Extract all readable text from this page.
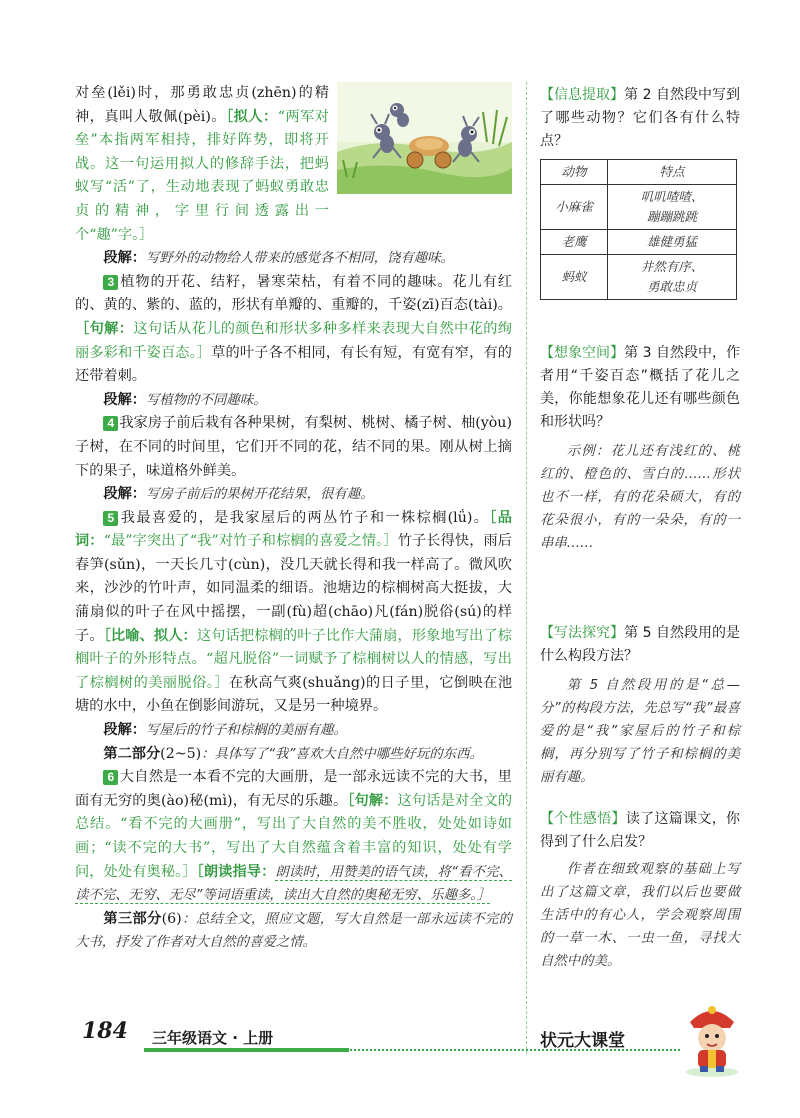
对垒(lěi)时，那勇敢忠贞(zhēn)的精神，真叫人敬佩(pèi)。［拟人：“两军对垒”本指两军相持，排好阵势，即将开战。这一句运用拟人的修辞手法，把蚂蚁写“活”了，生动地表现了蚂蚁勇敢忠贞的精神，字里行间透露出一个“趣”字。］

段解：写野外的动物给人带来的感觉各不相同，饶有趣味。

3 植物的开花、结籽，暑寒荣枯，有着不同的趣味。花儿有红的、黄的、紫的、蓝的，形状有单瓣的、重瓣的，千姿(zī)百态(tài)。［句解：这句话从花儿的颜色和形状多种多样来表现大自然中花的绚丽多彩和千姿百态。］草的叶子各不相同，有长有短，有宽有窄，有的还带着刺。

段解：写植物的不同趣味。

4 我家房子前后栽有各种果树，有梨树、桃树、橘子树、柚(yòu)子树，在不同的时间里，它们开不同的花，结不同的果。刚从树上摘下的果子，味道格外鲜美。

段解：写房子前后的果树开花结果，很有趣。

5 我最喜爱的，是我家屋后的两丛竹子和一株棕榈(lǘ)。［品词：“最”字突出了“我”对竹子和棕榈的喜爱之情。］竹子长得快，雨后春笋(sǔn)，一天长几寸(cùn)，没几天就长得和我一样高了。微风吹来，沙沙的竹叶声，如同温柔的细语。池塘边的棕榈树高大挺拔，大蒲扇似的叶子在风中摇摆，一副(fù)超(chāo)凡(fán)脱俗(sú)的样子。［比喻、拟人：这句话把棕榈的叶子比作大蒲扇，形象地写出了棕榈叶子的外形特点。“超凡脱俗”一词赋予了棕榈树以人的情感，写出了棕榈树的美丽脱俗。］在秋高气爽(shuǎng)的日子里，它倒映在池塘的水中，小鱼在倒影间游玩，又是另一种境界。

段解：写屋后的竹子和棕榈的美丽有趣。

第二部分(2~5)：具体写了“我”喜欢大自然中哪些好玩的东西。

6 大自然是一本看不完的大画册，是一部永远读不完的大书，里面有无穷的奥(ào)秘(mì)，有无尽的乐趣。［句解：这句话是对全文的总结。“看不完的大画册”，写出了大自然的美不胜收，处处如诗如画；“读不完的大书”，写出了大自然蕴含着丰富的知识，处处有学问，处处有奥秘。］［朗读指导：朗读时，用赞美的语气读，将“看不完、读不完、无穷、无尽”等词语重读，读出大自然的奥秘无穷、乐趣多。］

第三部分(6)：总结全文，照应文题，写大自然是一部永远读不完的大书，抒发了作者对大自然的喜爱之情。

【信息提取】第 2 自然段中写到了哪些动物？它们各有什么特点？
动物	特点
小麻雀	叽叽喳喳、
蹦蹦跳跳
老鹰	雄健勇猛
蚂蚁	井然有序、
勇敢忠贞
【想象空间】第 3 自然段中，作者用“千姿百态”概括了花儿之美，你能想象花儿还有哪些颜色和形状吗？
示例：花儿还有浅红的、桃红的、橙色的、雪白的……形状也不一样，有的花朵硕大，有的花朵很小，有的一朵朵，有的一串串……
【写法探究】第 5 自然段用的是什么构段方法？
第 5 自然段用的是“总—分”的构段方法，先总写“我”最喜爱的是“我”家屋后的竹子和棕榈，再分别写了竹子和棕榈的美丽有趣。
【个性感悟】读了这篇课文，你得到了什么启发？
作者在细致观察的基础上写出了这篇文章，我们以后也要做生活中的有心人，学会观察周围的一草一木、一虫一鱼，寻找大自然中的美。
184 三年级语文 · 上册	状元大课堂
